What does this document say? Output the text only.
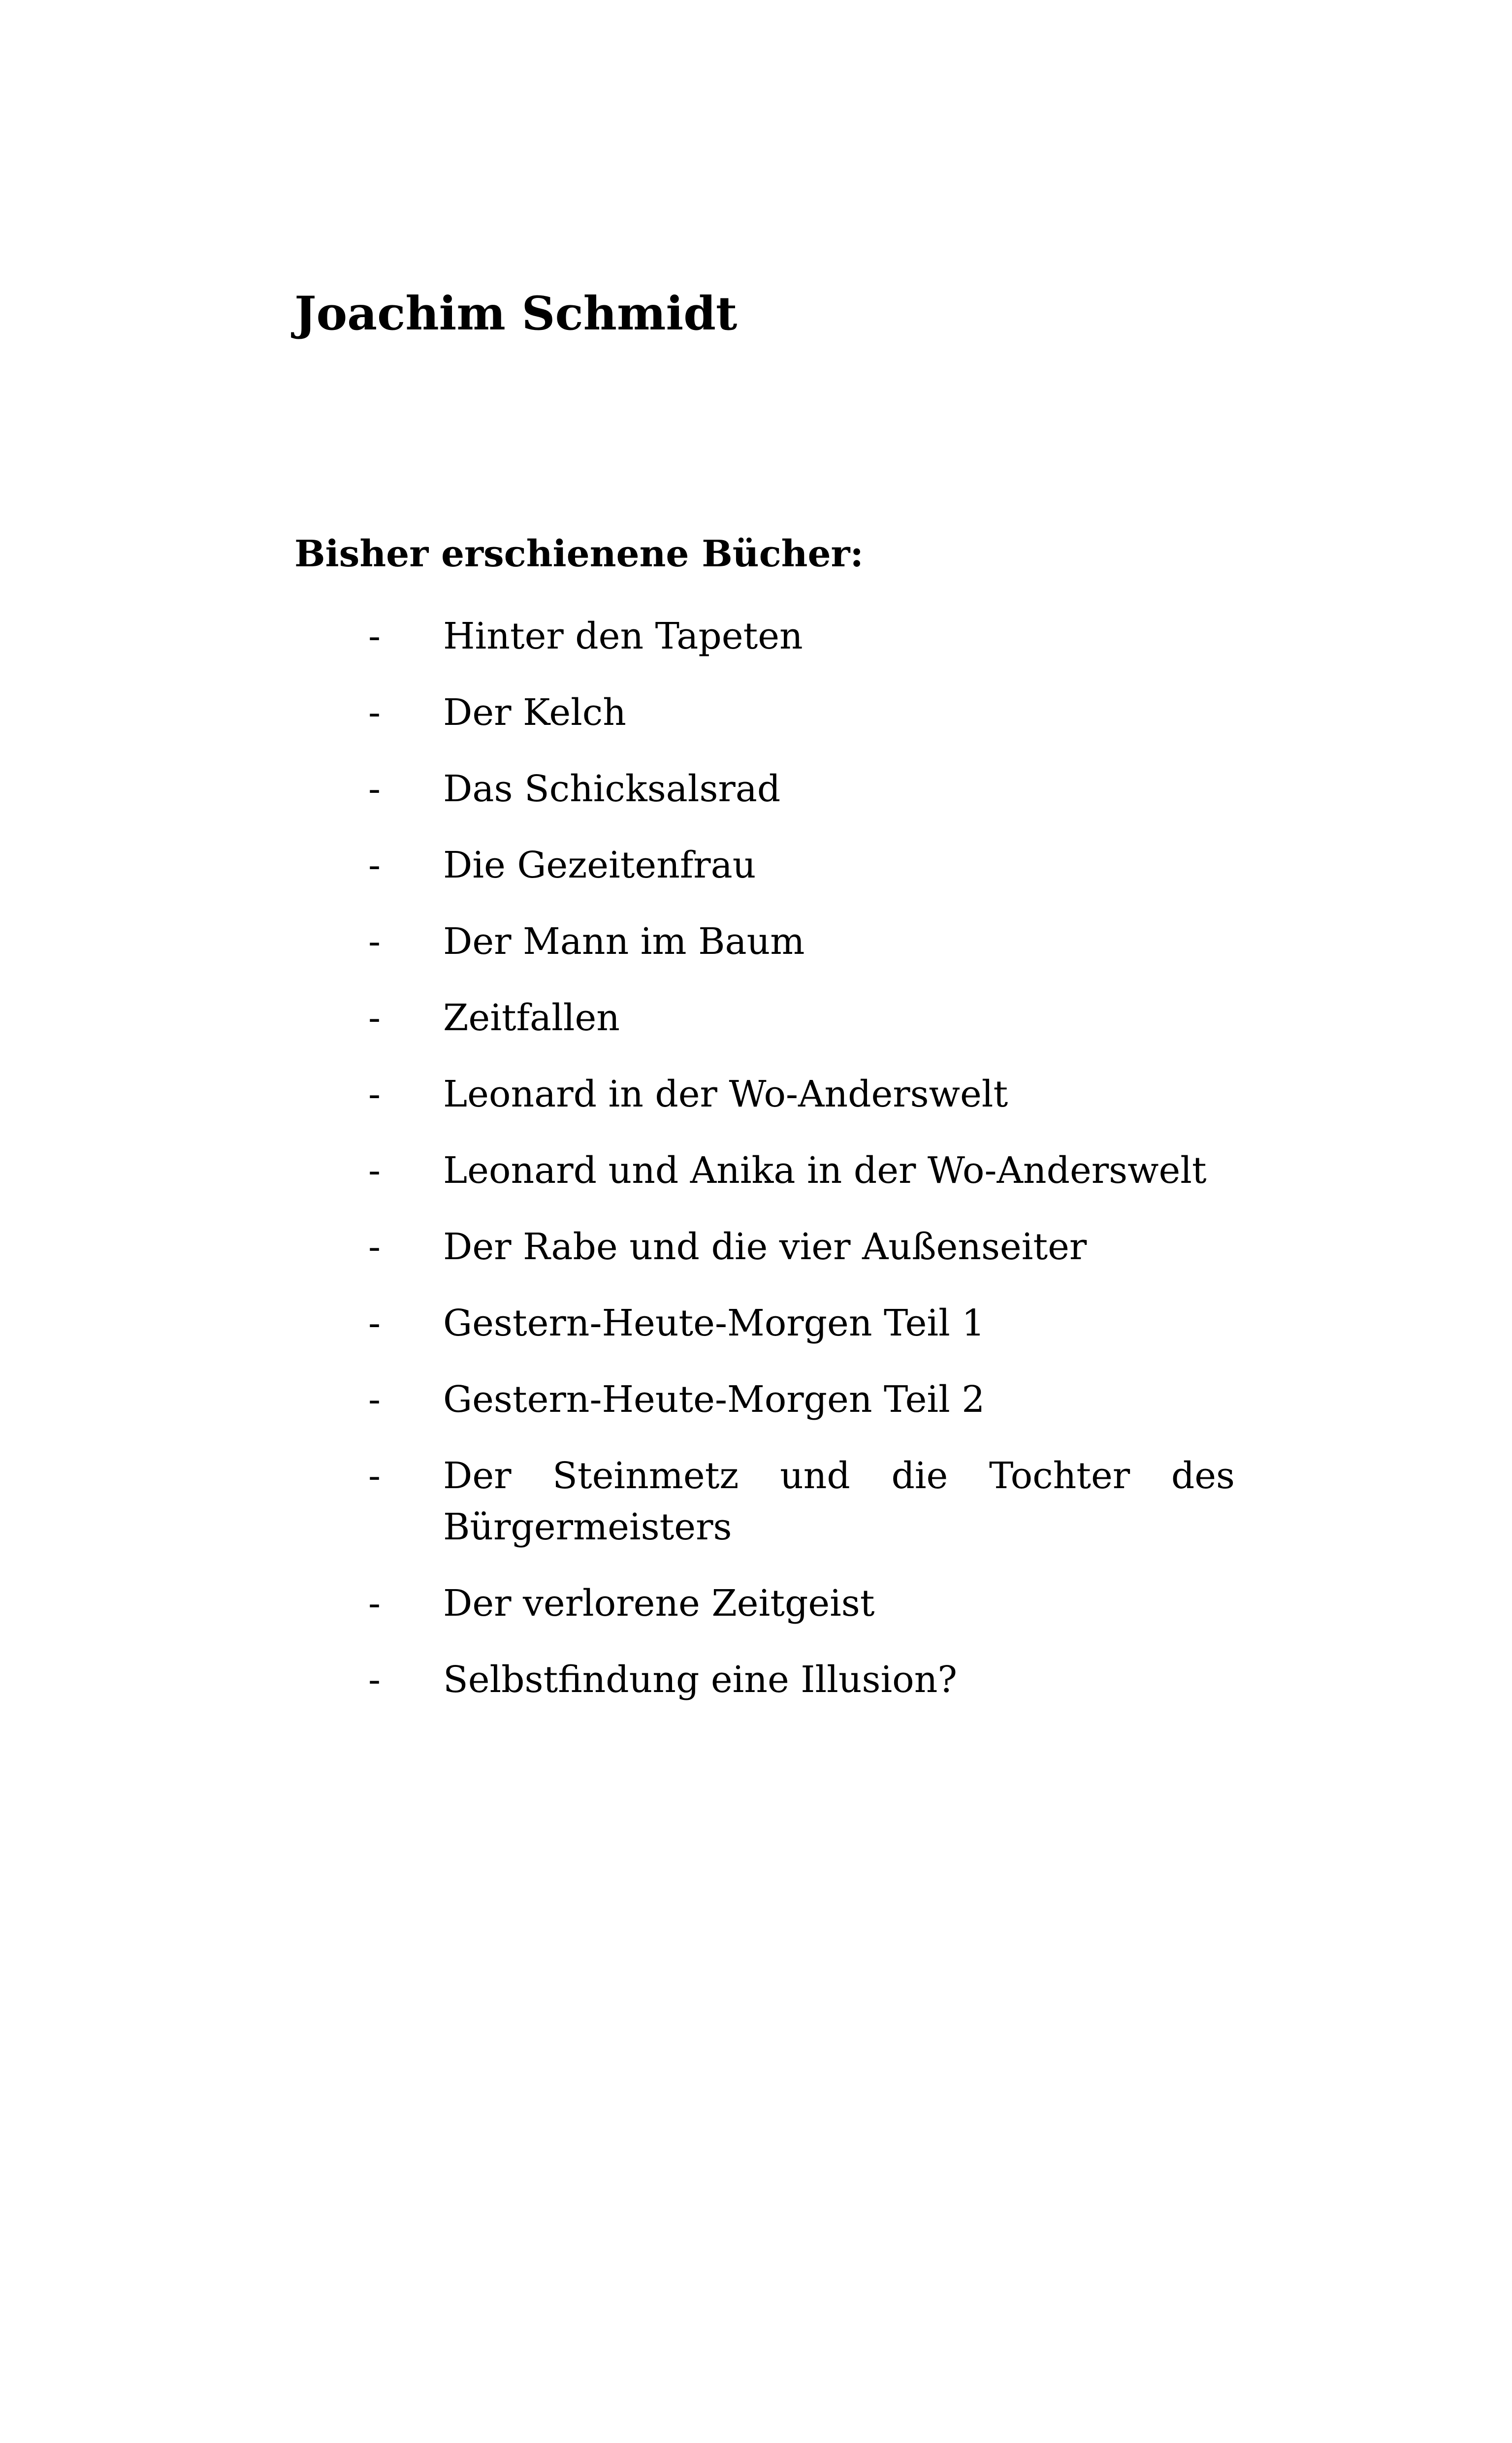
Joachim Schmidt
Bisher erschienene Bücher:
- Hinter den Tapeten
- Der Kelch
- Das Schicksalsrad
- Die Gezeitenfrau
- Der Mann im Baum
- Zeitfallen
- Leonard in der Wo-Anderswelt
- Leonard und Anika in der Wo-Anderswelt
- Der Rabe und die vier Außenseiter
- Gestern-Heute-Morgen Teil 1
- Gestern-Heute-Morgen Teil 2
- Der Steinmetz und die Tochter des Bürgermeisters
- Der verlorene Zeitgeist
- Selbstfindung eine Illusion?
